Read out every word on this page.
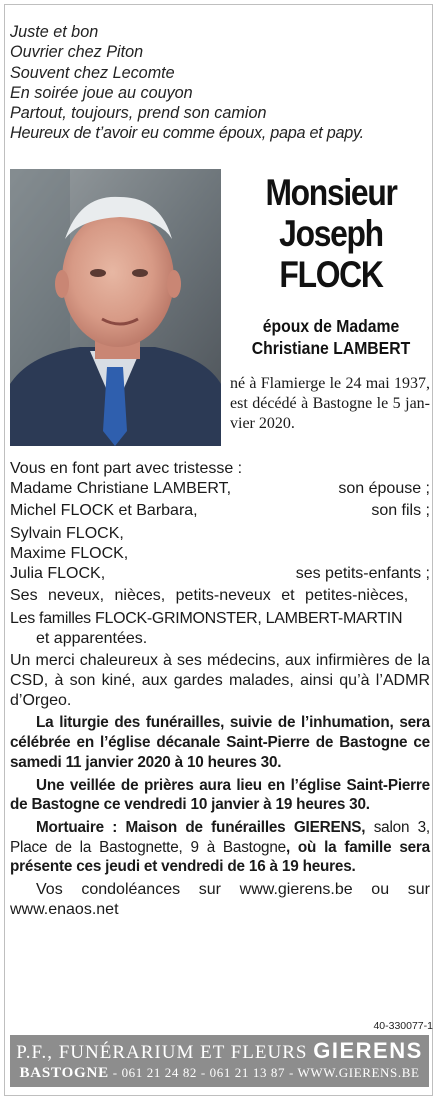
Juste et bon
Ouvrier chez Piton
Souvent chez Lecomte
En soirée joue au couyon
Partout, toujours, prend son camion
Heureux de t’avoir eu comme époux, papa et papy.
Monsieur
Joseph
FLOCK
époux de Madame
Christiane LAMBERT
né à Flamierge le 24 mai 1937, est décédé à Bastogne le 5 janvier 2020.
Vous en font part avec tristesse :
Madame Christiane LAMBERT,	son épouse ;
Michel FLOCK et Barbara,	son fils ;
Sylvain FLOCK,
Maxime FLOCK,
Julia FLOCK,	ses petits-enfants ;
Ses neveux, nièces, petits-neveux et petites-nièces,
Les familles FLOCK-GRIMONSTER, LAMBERT-MARTIN
et apparentées.
Un merci chaleureux à ses médecins, aux infirmières de la CSD, à son kiné, aux gardes malades, ainsi qu’à l’ADMR d’Orgeo.
La liturgie des funérailles, suivie de l’inhumation, sera célébrée en l’église décanale Saint-Pierre de Bastogne ce samedi 11 janvier 2020 à 10 heures 30.
Une veillée de prières aura lieu en l’église Saint-Pierre de Bastogne ce vendredi 10 janvier à 19 heures 30.
Mortuaire : Maison de funérailles GIERENS, salon 3, Place de la Bastognette, 9 à Bastogne, où la famille sera présente ces jeudi et vendredi de 16 à 19 heures.
Vos condoléances sur www.gierens.be ou sur www.enaos.net
40-330077-1
P.F., FUNÉRARIUM ET FLEURS GIERENS
BASTOGNE - 061 21 24 82 - 061 21 13 87 - WWW.GIERENS.BE
